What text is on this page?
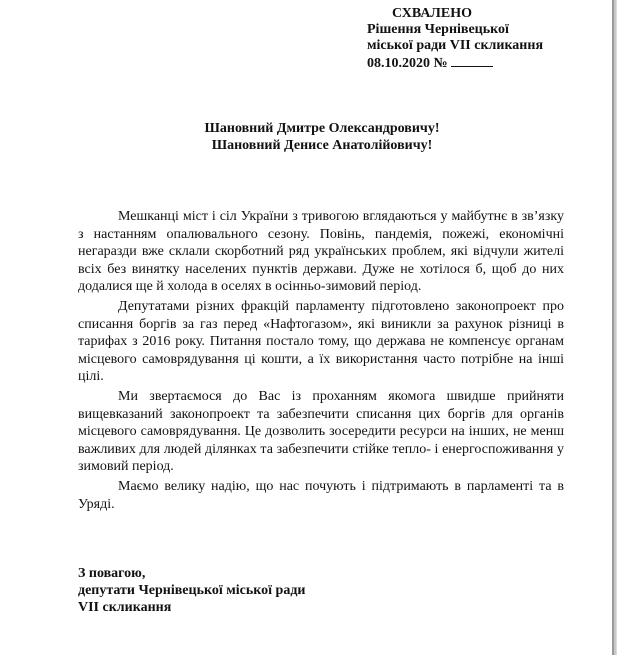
СХВАЛЕНО
Рішення Чернівецької
міської ради VII скликання
08.10.2020 №
Шановний Дмитре Олександровичу!
Шановний Денисе Анатолійовичу!

Мешканці міст і сіл України з тривогою вглядаються у майбутнє в зв’язку з настанням опалювального сезону. Повінь, пандемія, пожежі, економічні негаразди вже склали скорботний ряд українських проблем, які відчули жителі всіх без винятку населених пунктів держави. Дуже не хотілося б, щоб до них додалися ще й холода в оселях в осінньо-зимовий період.

Депутатами різних фракцій парламенту підготовлено законопроект про списання боргів за газ перед «Нафтогазом», які виникли за рахунок різниці в тарифах з 2016 року. Питання постало тому, що держава не компенсує органам місцевого самоврядування ці кошти, а їх використання часто потрібне на інші цілі.

Ми звертаємося до Вас із проханням якомога швидше прийняти вищевказаний законопроект та забезпечити списання цих боргів для органів місцевого самоврядування. Це дозволить зосередити ресурси на інших, не менш важливих для людей ділянках та забезпечити стійке тепло- і енергоспоживання у зимовий період.

Маємо велику надію, що нас почують і підтримають в парламенті та в Уряді.

З повагою,
депутати Чернівецької міської ради
VII скликання
